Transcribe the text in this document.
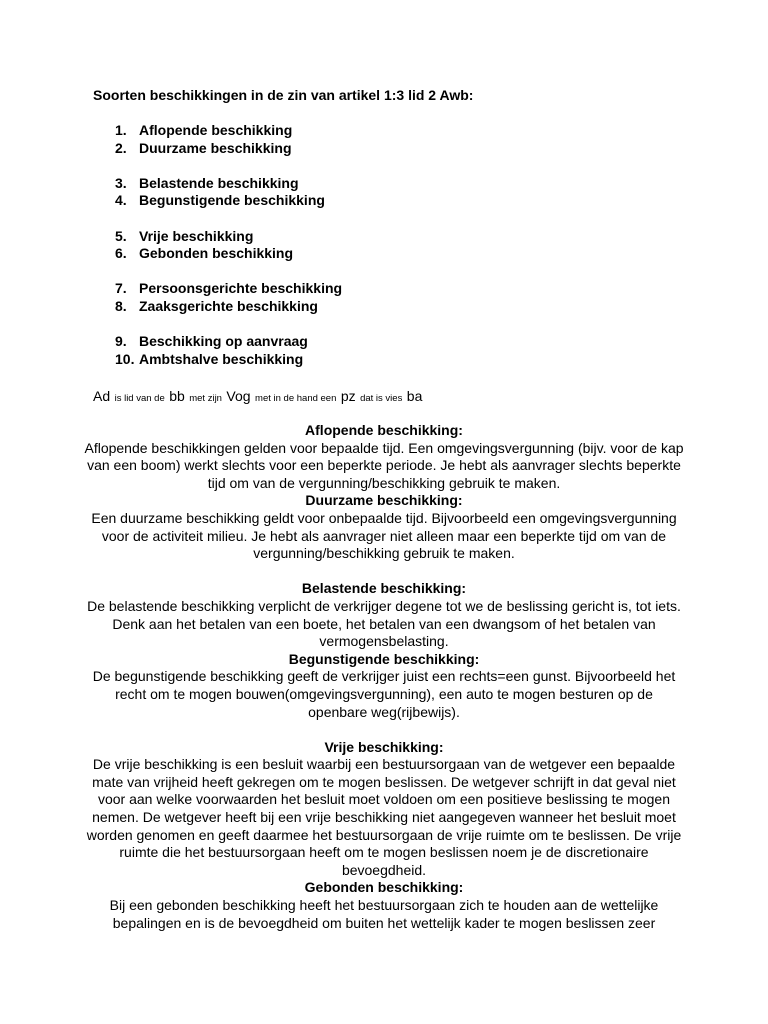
Soorten beschikkingen in de zin van artikel 1:3 lid 2 Awb:
1. Aflopende beschikking
2. Duurzame beschikking
3. Belastende beschikking
4. Begunstigende beschikking
5. Vrije beschikking
6. Gebonden beschikking
7. Persoonsgerichte beschikking
8. Zaaksgerichte beschikking
9. Beschikking op aanvraag
10. Ambtshalve beschikking
Ad is lid van de bb met zijn Vog met in de hand een pz dat is vies ba
Aflopende beschikking:

Aflopende beschikkingen gelden voor bepaalde tijd. Een omgevingsvergunning (bijv. voor de kap van een boom) werkt slechts voor een beperkte periode. Je hebt als aanvrager slechts beperkte tijd om van de vergunning/beschikking gebruik te maken.

Duurzame beschikking:

Een duurzame beschikking geldt voor onbepaalde tijd. Bijvoorbeeld een omgevingsvergunning voor de activiteit milieu. Je hebt als aanvrager niet alleen maar een beperkte tijd om van de vergunning/beschikking gebruik te maken.

Belastende beschikking:

De belastende beschikking verplicht de verkrijger degene tot we de beslissing gericht is, tot iets. Denk aan het betalen van een boete, het betalen van een dwangsom of het betalen van vermogensbelasting.

Begunstigende beschikking:

De begunstigende beschikking geeft de verkrijger juist een rechts=een gunst. Bijvoorbeeld het recht om te mogen bouwen(omgevingsvergunning), een auto te mogen besturen op de openbare weg(rijbewijs).

Vrije beschikking:

De vrije beschikking is een besluit waarbij een bestuursorgaan van de wetgever een bepaalde mate van vrijheid heeft gekregen om te mogen beslissen. De wetgever schrijft in dat geval niet voor aan welke voorwaarden het besluit moet voldoen om een positieve beslissing te mogen nemen. De wetgever heeft bij een vrije beschikking niet aangegeven wanneer het besluit moet worden genomen en geeft daarmee het bestuursorgaan de vrije ruimte om te beslissen. De vrije ruimte die het bestuursorgaan heeft om te mogen beslissen noem je de discretionaire bevoegdheid.

Gebonden beschikking:

Bij een gebonden beschikking heeft het bestuursorgaan zich te houden aan de wettelijke bepalingen en is de bevoegdheid om buiten het wettelijk kader te mogen beslissen zeer
